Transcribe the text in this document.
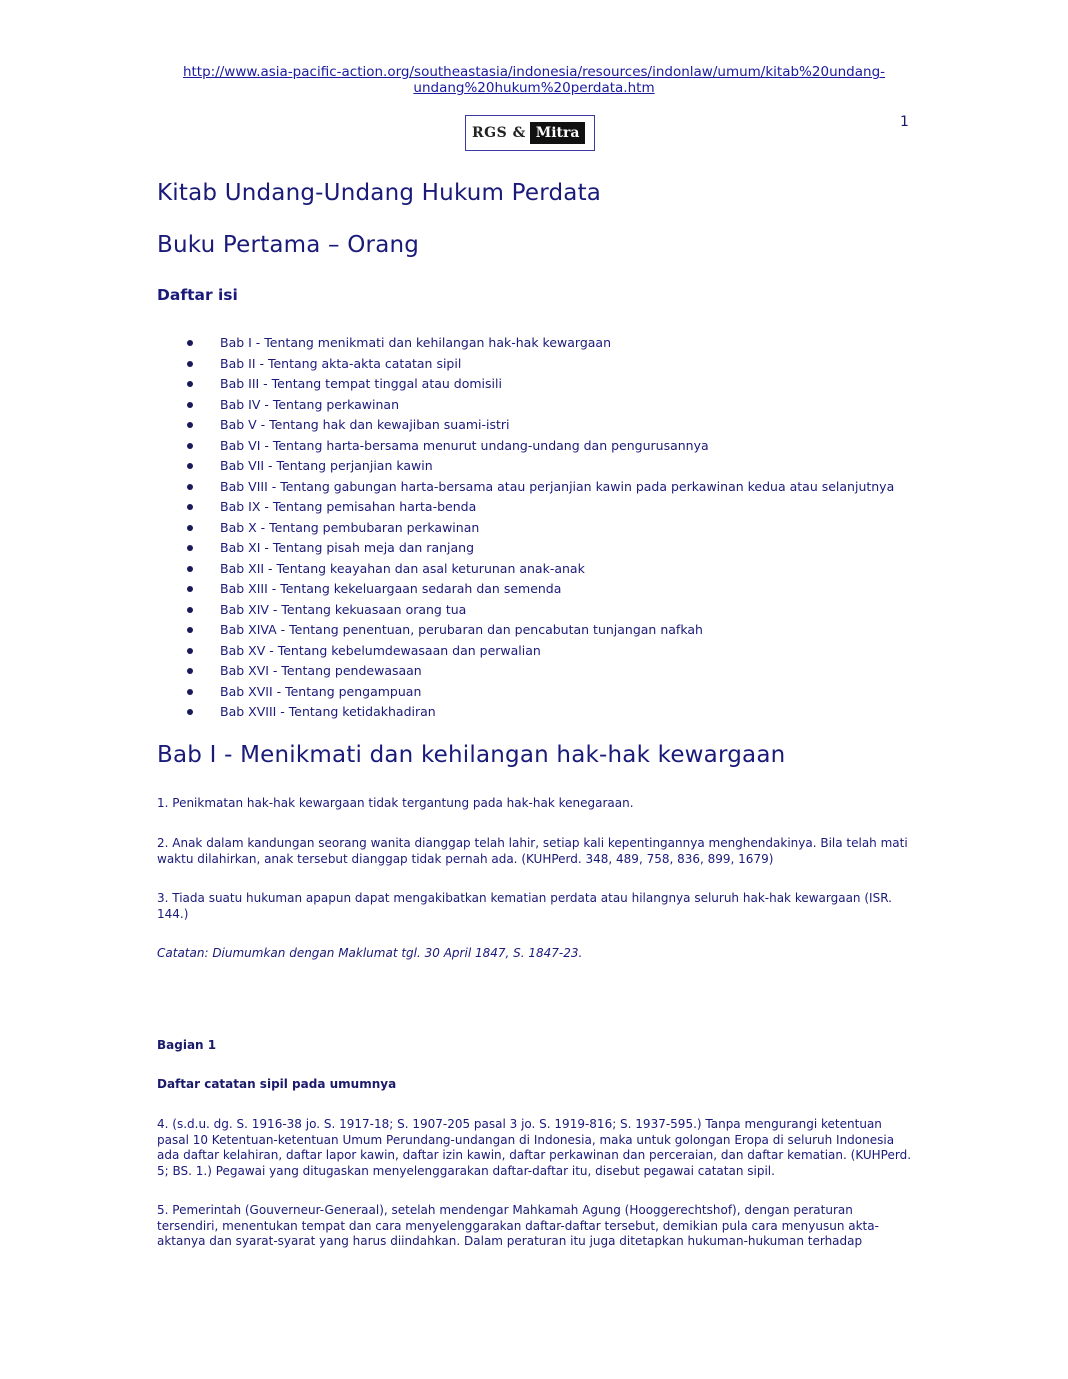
http://www.asia-pacific-action.org/southeastasia/indonesia/resources/indonlaw/umum/kitab%20undang-undang%20hukum%20perdata.htm
1
RGS & Mitra
Kitab Undang-Undang Hukum Perdata
Buku Pertama – Orang
Daftar isi
Bab I - Tentang menikmati dan kehilangan hak-hak kewargaan
Bab II - Tentang akta-akta catatan sipil
Bab III - Tentang tempat tinggal atau domisili
Bab IV - Tentang perkawinan
Bab V - Tentang hak dan kewajiban suami-istri
Bab VI - Tentang harta-bersama menurut undang-undang dan pengurusannya
Bab VII - Tentang perjanjian kawin
Bab VIII - Tentang gabungan harta-bersama atau perjanjian kawin pada perkawinan kedua atau selanjutnya
Bab IX - Tentang pemisahan harta-benda
Bab X - Tentang pembubaran perkawinan
Bab XI - Tentang pisah meja dan ranjang
Bab XII - Tentang keayahan dan asal keturunan anak-anak
Bab XIII - Tentang kekeluargaan sedarah dan semenda
Bab XIV - Tentang kekuasaan orang tua
Bab XIVA - Tentang penentuan, perubaran dan pencabutan tunjangan nafkah
Bab XV - Tentang kebelumdewasaan dan perwalian
Bab XVI - Tentang pendewasaan
Bab XVII - Tentang pengampuan
Bab XVIII - Tentang ketidakhadiran
Bab I - Menikmati dan kehilangan hak-hak kewargaan

1. Penikmatan hak-hak kewargaan tidak tergantung pada hak-hak kenegaraan.

2. Anak dalam kandungan seorang wanita dianggap telah lahir, setiap kali kepentingannya menghendakinya. Bila telah mati waktu dilahirkan, anak tersebut dianggap tidak pernah ada. (KUHPerd. 348, 489, 758, 836, 899, 1679)

3. Tiada suatu hukuman apapun dapat mengakibatkan kematian perdata atau hilangnya seluruh hak-hak kewargaan (ISR. 144.)

Catatan: Diumumkan dengan Maklumat tgl. 30 April 1847, S. 1847-23.

Bagian 1

Daftar catatan sipil pada umumnya

4. (s.d.u. dg. S. 1916-38 jo. S. 1917-18; S. 1907-205 pasal 3 jo. S. 1919-816; S. 1937-595.) Tanpa mengurangi ketentuan pasal 10 Ketentuan-ketentuan Umum Perundang-undangan di Indonesia, maka untuk golongan Eropa di seluruh Indonesia ada daftar kelahiran, daftar lapor kawin, daftar izin kawin, daftar perkawinan dan perceraian, dan daftar kematian. (KUHPerd. 5; BS. 1.) Pegawai yang ditugaskan menyelenggarakan daftar-daftar itu, disebut pegawai catatan sipil.

5. Pemerintah (Gouverneur-Generaal), setelah mendengar Mahkamah Agung (Hooggerechtshof), dengan peraturan tersendiri, menentukan tempat dan cara menyelenggarakan daftar-daftar tersebut, demikian pula cara menyusun akta-aktanya dan syarat-syarat yang harus diindahkan. Dalam peraturan itu juga ditetapkan hukuman-hukuman terhadap
